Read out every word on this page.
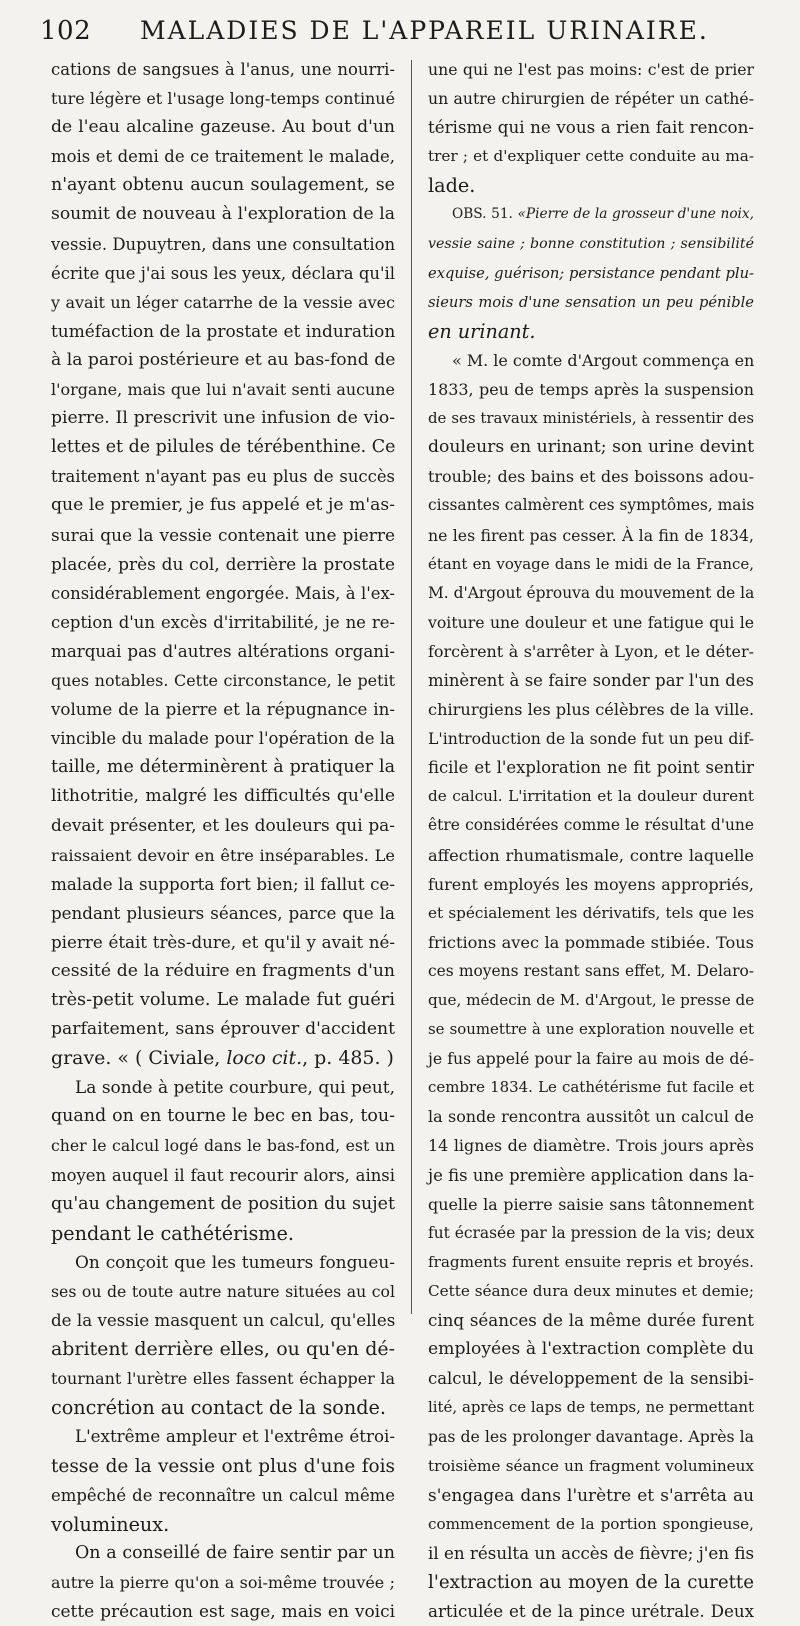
102 MALADIES DE L'APPAREIL URINAIRE.
cations de sangsues à l'anus, une nourri-
ture légère et l'usage long-temps continué
de l'eau alcaline gazeuse. Au bout d'un
mois et demi de ce traitement le malade,
n'ayant obtenu aucun soulagement, se
soumit de nouveau à l'exploration de la
vessie. Dupuytren, dans une consultation
écrite que j'ai sous les yeux, déclara qu'il
y avait un léger catarrhe de la vessie avec
tuméfaction de la prostate et induration
à la paroi postérieure et au bas-fond de
l'organe, mais que lui n'avait senti aucune
pierre. Il prescrivit une infusion de vio-
lettes et de pilules de térébenthine. Ce
traitement n'ayant pas eu plus de succès
que le premier, je fus appelé et je m'as-
surai que la vessie contenait une pierre
placée, près du col, derrière la prostate
considérablement engorgée. Mais, à l'ex-
ception d'un excès d'irritabilité, je ne re-
marquai pas d'autres altérations organi-
ques notables. Cette circonstance, le petit
volume de la pierre et la répugnance in-
vincible du malade pour l'opération de la
taille, me déterminèrent à pratiquer la
lithotritie, malgré les difficultés qu'elle
devait présenter, et les douleurs qui pa-
raissaient devoir en être inséparables. Le
malade la supporta fort bien; il fallut ce-
pendant plusieurs séances, parce que la
pierre était très-dure, et qu'il y avait né-
cessité de la réduire en fragments d'un
très-petit volume. Le malade fut guéri
parfaitement, sans éprouver d'accident
grave. « ( Civiale, loco cit., p. 485. )
La sonde à petite courbure, qui peut,
quand on en tourne le bec en bas, tou-
cher le calcul logé dans le bas-fond, est un
moyen auquel il faut recourir alors, ainsi
qu'au changement de position du sujet
pendant le cathétérisme.
On conçoit que les tumeurs fongueu-
ses ou de toute autre nature situées au col
de la vessie masquent un calcul, qu'elles
abritent derrière elles, ou qu'en dé-
tournant l'urètre elles fassent échapper la
concrétion au contact de la sonde.
L'extrême ampleur et l'extrême étroi-
tesse de la vessie ont plus d'une fois
empêché de reconnaître un calcul même
volumineux.
On a conseillé de faire sentir par un
autre la pierre qu'on a soi-même trouvée ;
cette précaution est sage, mais en voici
une qui ne l'est pas moins: c'est de prier
un autre chirurgien de répéter un cathé-
térisme qui ne vous a rien fait rencon-
trer ; et d'expliquer cette conduite au ma-
lade.
OBS. 51. «Pierre de la grosseur d'une noix,
vessie saine ; bonne constitution ; sensibilité
exquise, guérison; persistance pendant plu-
sieurs mois d'une sensation un peu pénible
en urinant.
« M. le comte d'Argout commença en
1833, peu de temps après la suspension
de ses travaux ministériels, à ressentir des
douleurs en urinant; son urine devint
trouble; des bains et des boissons adou-
cissantes calmèrent ces symptômes, mais
ne les firent pas cesser. À la fin de 1834,
étant en voyage dans le midi de la France,
M. d'Argout éprouva du mouvement de la
voiture une douleur et une fatigue qui le
forcèrent à s'arrêter à Lyon, et le déter-
minèrent à se faire sonder par l'un des
chirurgiens les plus célèbres de la ville.
L'introduction de la sonde fut un peu dif-
ficile et l'exploration ne fit point sentir
de calcul. L'irritation et la douleur durent
être considérées comme le résultat d'une
affection rhumatismale, contre laquelle
furent employés les moyens appropriés,
et spécialement les dérivatifs, tels que les
frictions avec la pommade stibiée. Tous
ces moyens restant sans effet, M. Delaro-
que, médecin de M. d'Argout, le presse de
se soumettre à une exploration nouvelle et
je fus appelé pour la faire au mois de dé-
cembre 1834. Le cathétérisme fut facile et
la sonde rencontra aussitôt un calcul de
14 lignes de diamètre. Trois jours après
je fis une première application dans la-
quelle la pierre saisie sans tâtonnement
fut écrasée par la pression de la vis; deux
fragments furent ensuite repris et broyés.
Cette séance dura deux minutes et demie;
cinq séances de la même durée furent
employées à l'extraction complète du
calcul, le développement de la sensibi-
lité, après ce laps de temps, ne permettant
pas de les prolonger davantage. Après la
troisième séance un fragment volumineux
s'engagea dans l'urètre et s'arrêta au
commencement de la portion spongieuse,
il en résulta un accès de fièvre; j'en fis
l'extraction au moyen de la curette
articulée et de la pince urétrale. Deux
